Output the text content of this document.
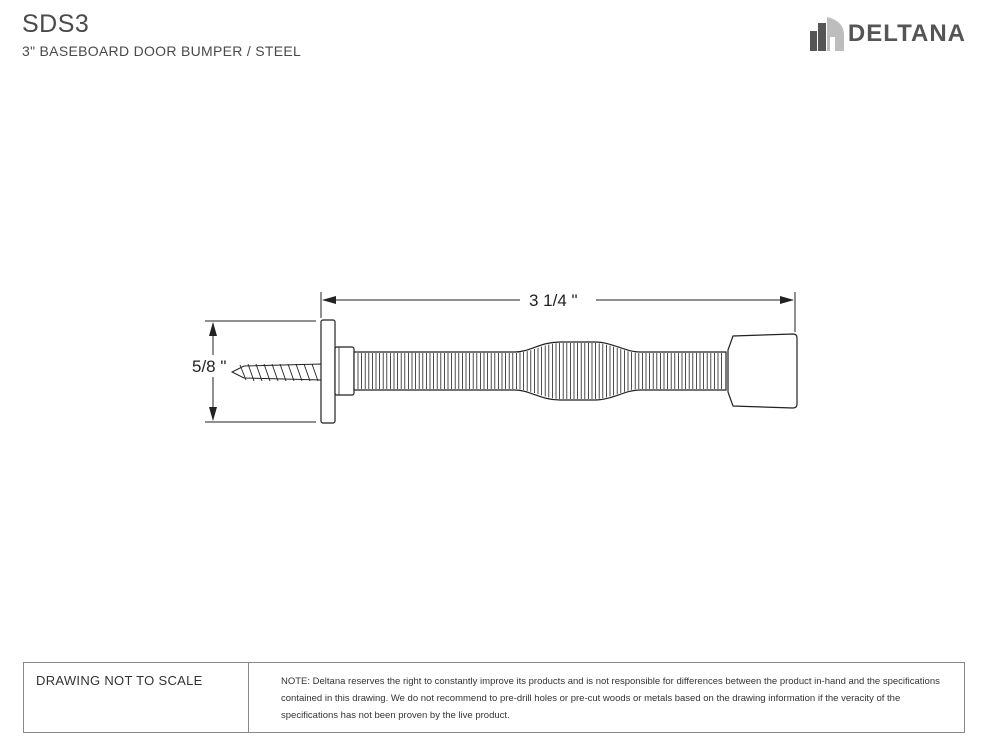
SDS3
3" BASEBOARD DOOR BUMPER / STEEL
DELTANA
3 1/4 "
5/8 "
DRAWING NOT TO SCALE	NOTE: Deltana reserves the right to constantly improve its products and is not responsible for differences between the product in-hand and the specifications contained in this drawing. We do not recommend to pre-drill holes or pre-cut woods or metals based on the drawing information if the veracity of the specifications has not been proven by the live product.
